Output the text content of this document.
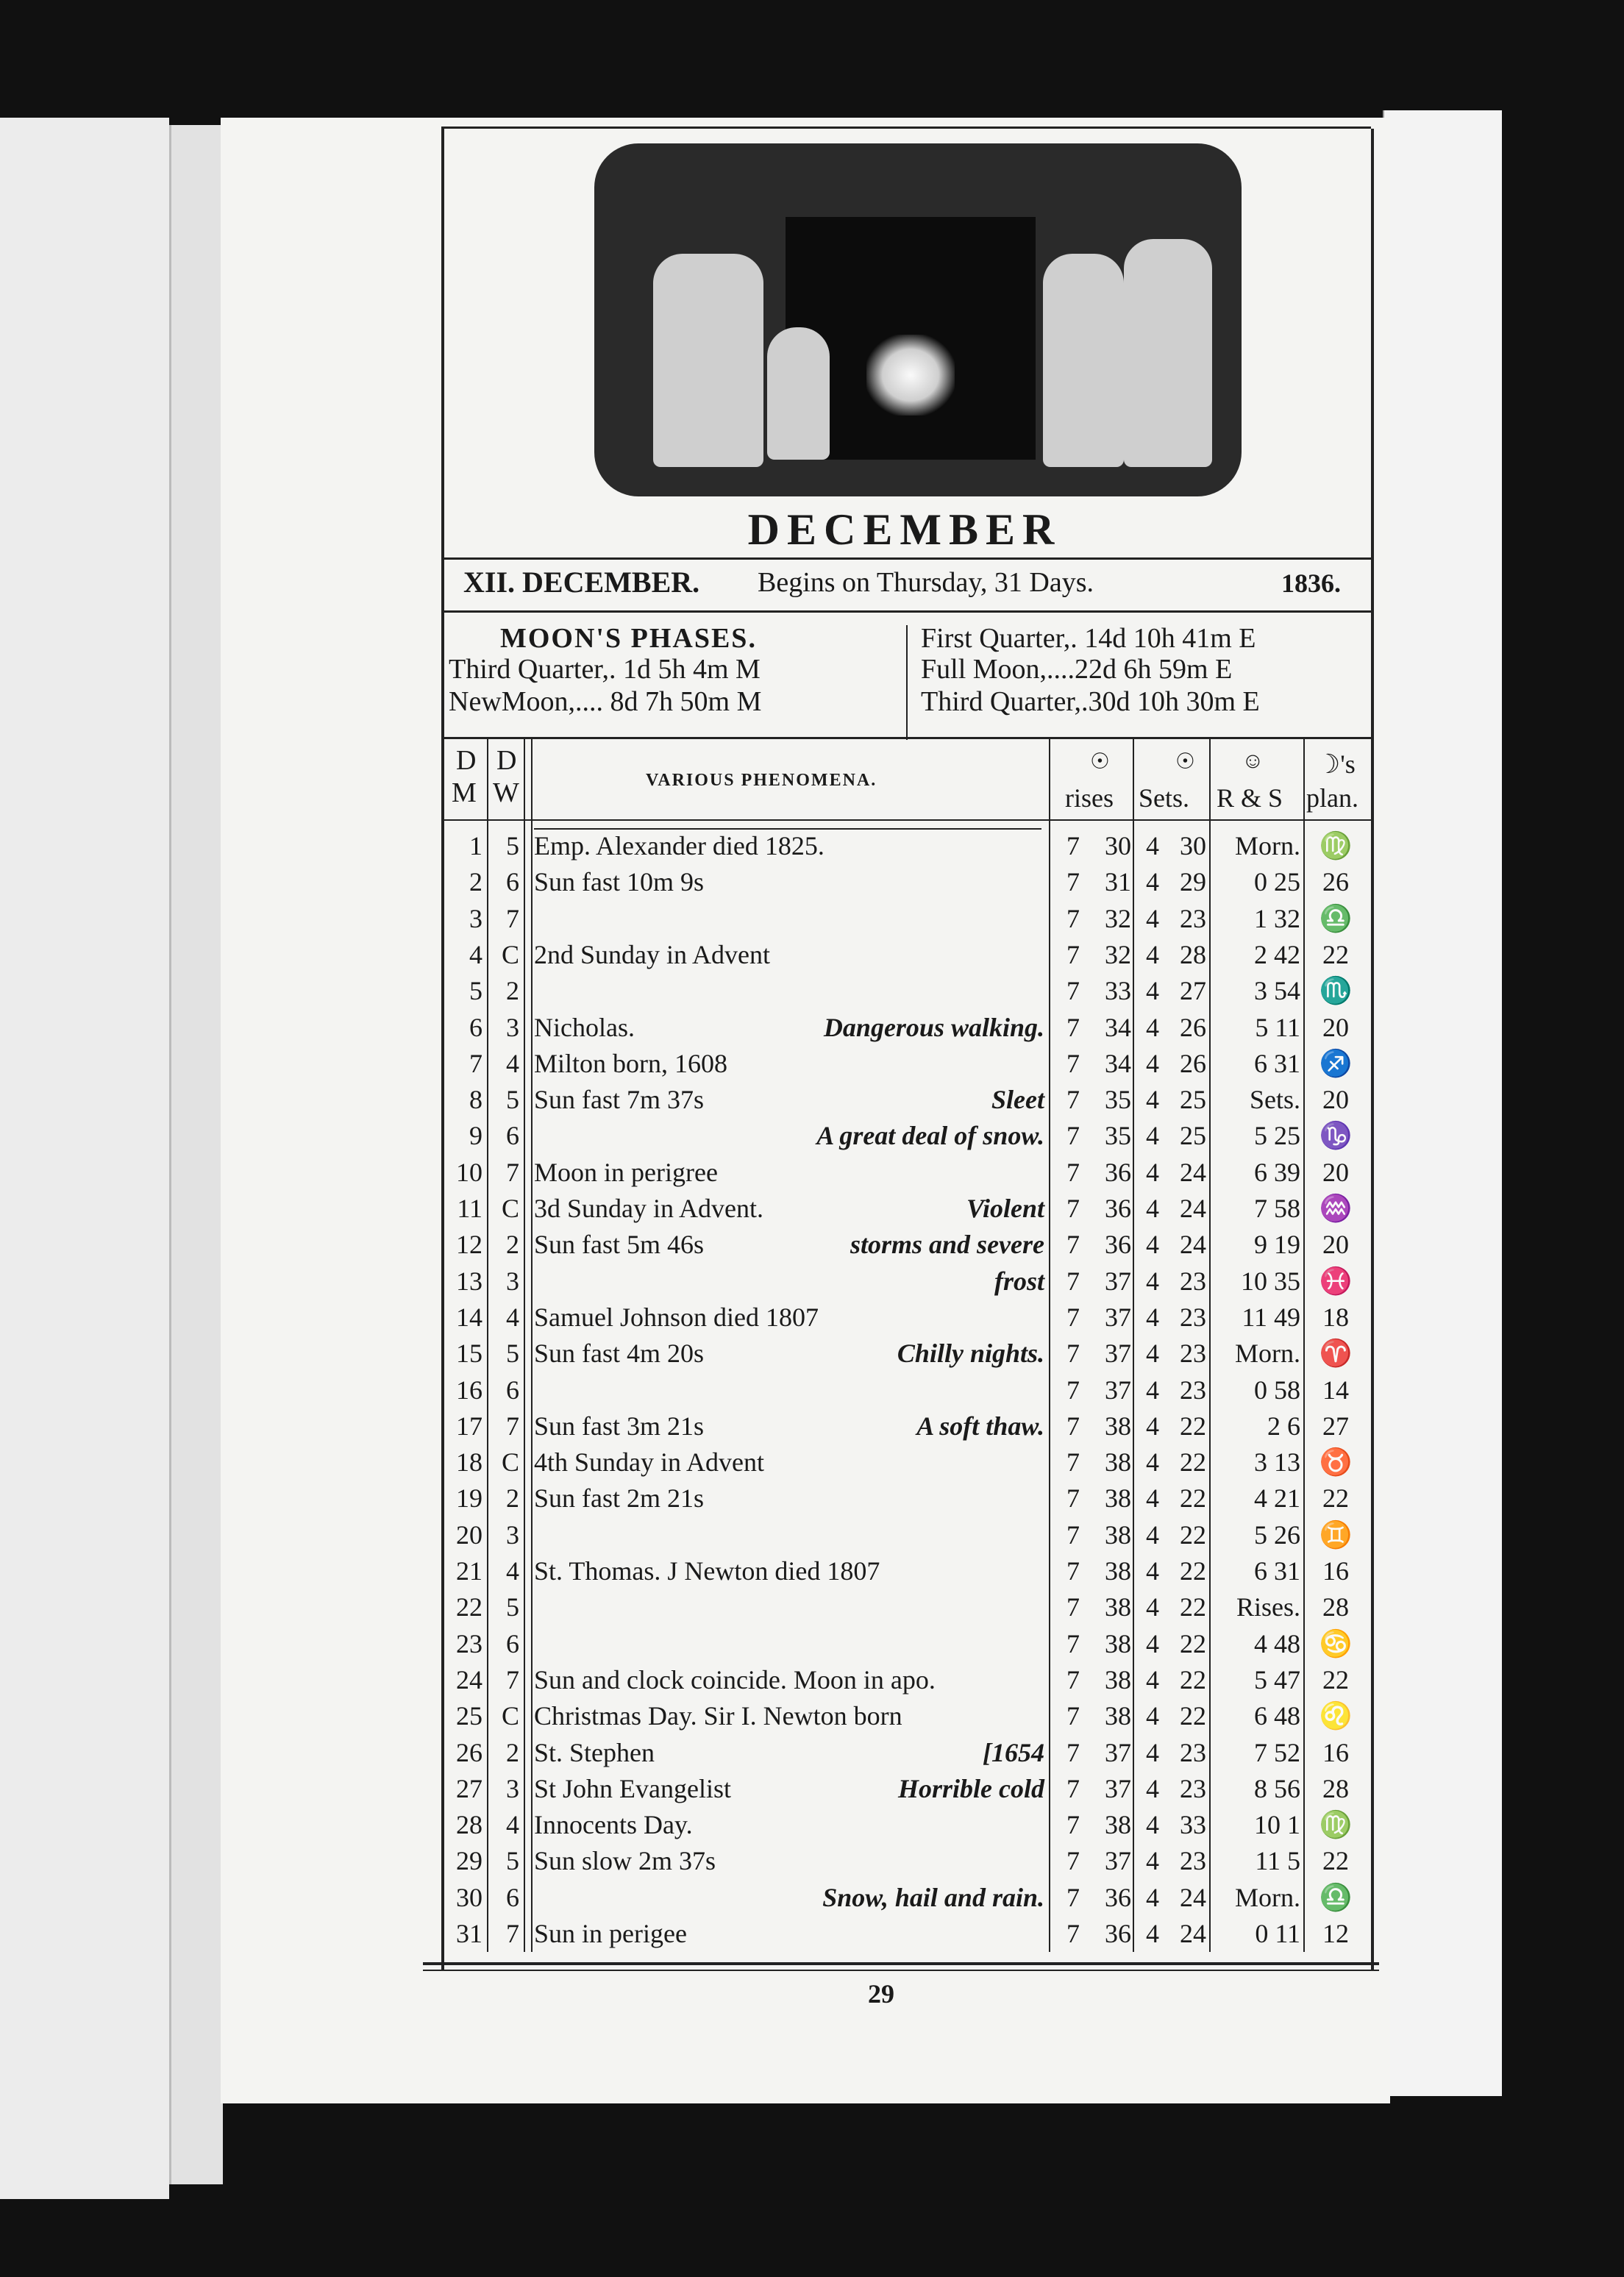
DECEMBER
XII. DECEMBER. Begins on Thursday, 31 Days.	1836.
MOON'S PHASES.
Third Quarter,. 1d 5h 4m M
NewMoon,.... 8d 7h 50m M
First Quarter,. 14d 10h 41m E
Full Moon,....22d 6h 59m E
Third Quarter,.30d 10h 30m E
D
M
D
W	VARIOUS PHENOMENA.
☉
rises
☉
Sets.
☺
R & S
☽'s
plan.
1 5 Emp. Alexander died 1825.	7 30 4 30	Morn. ♍
2 6 Sun fast 10m 9s	7 31 4 29	0 25 26
3 7	7 32 4 23	1 32 ♎
4 C 2nd Sunday in Advent	7 32 4 28	2 42 22
5 2	7 33 4 27	3 54 ♏
6 3 Nicholas.	Dangerous walking. 7 34 4 26	5 11 20
7 4 Milton born, 1608	7 34 4 26	6 31 ♐
8 5 Sun fast 7m 37s	Sleet 7 35 4 25	Sets. 20
9 6	A great deal of snow. 7 35 4 25	5 25 ♑
10 7 Moon in perigree	7 36 4 24	6 39 20
11 C 3d Sunday in Advent.	Violent 7 36 4 24	7 58 ♒
12 2 Sun fast 5m 46s	storms and severe 7 36 4 24	9 19 20
13 3	frost 7 37 4 23	10 35 ♓
14 4 Samuel Johnson died 1807	7 37 4 23	11 49 18
15 5 Sun fast 4m 20s	Chilly nights. 7 37 4 23	Morn. ♈
16 6	7 37 4 23	0 58 14
17 7 Sun fast 3m 21s	A soft thaw. 7 38 4 22	2 6 27
18 C 4th Sunday in Advent	7 38 4 22	3 13 ♉
19 2 Sun fast 2m 21s	7 38 4 22	4 21 22
20 3	7 38 4 22	5 26 ♊
21 4 St. Thomas. J Newton died 1807	7 38 4 22	6 31 16
22 5	7 38 4 22	Rises. 28
23 6	7 38 4 22	4 48 ♋
24 7 Sun and clock coincide. Moon in apo.	7 38 4 22	5 47 22
25 C Christmas Day. Sir I. Newton born	7 38 4 22	6 48 ♌
26 2 St. Stephen	[1654 7 37 4 23	7 52 16
27 3 St John Evangelist	Horrible cold 7 37 4 23	8 56 28
28 4 Innocents Day.	7 38 4 33	10 1 ♍
29 5 Sun slow 2m 37s	7 37 4 23	11 5 22
30 6	Snow, hail and rain. 7 36 4 24	Morn. ♎
31 7 Sun in perigee	7 36 4 24	0 11 12
29
